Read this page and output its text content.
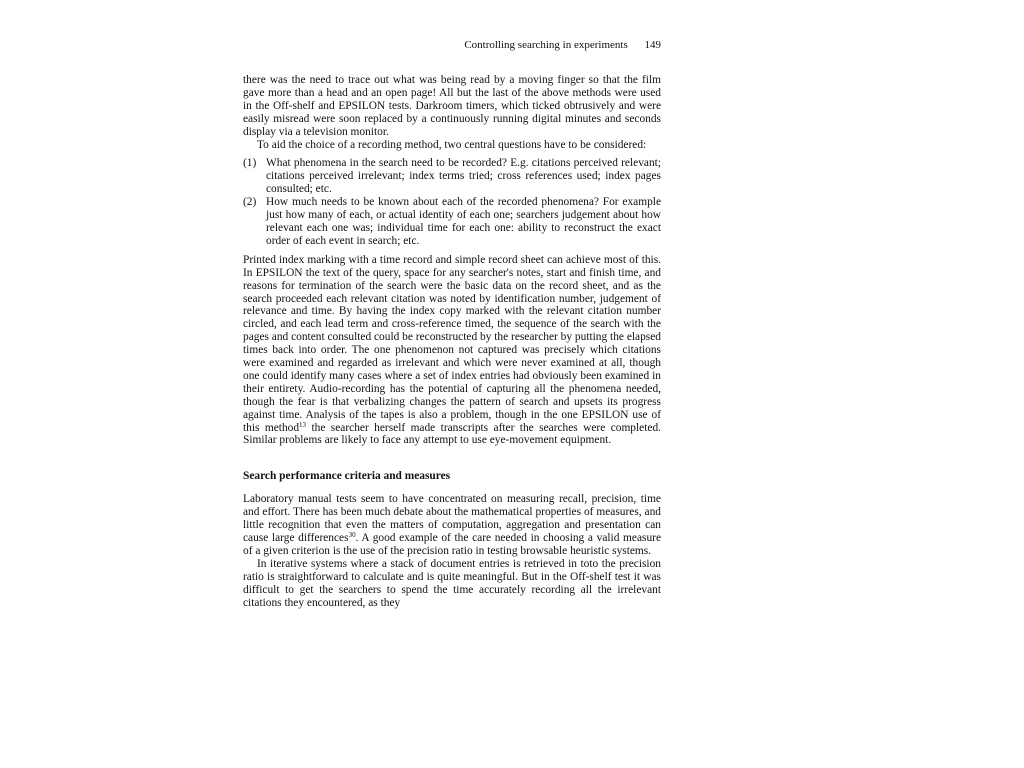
Controlling searching in experiments 149

there was the need to trace out what was being read by a moving finger so that the film gave more than a head and an open page! All but the last of the above methods were used in the Off-shelf and EPSILON tests. Darkroom timers, which ticked obtrusively and were easily misread were soon replaced by a continuously running digital minutes and seconds display via a television monitor.

To aid the choice of a recording method, two central questions have to be considered:

(1) What phenomena in the search need to be recorded? E.g. citations perceived relevant; citations perceived irrelevant; index terms tried; cross references used; index pages consulted; etc.
(2) How much needs to be known about each of the recorded phenomena? For example just how many of each, or actual identity of each one; searchers judgement about how relevant each one was; individual time for each one: ability to reconstruct the exact order of each event in search; etc.

Printed index marking with a time record and simple record sheet can achieve most of this. In EPSILON the text of the query, space for any searcher's notes, start and finish time, and reasons for termination of the search were the basic data on the record sheet, and as the search proceeded each relevant citation was noted by identification number, judgement of relevance and time. By having the index copy marked with the relevant citation number circled, and each lead term and cross-reference timed, the sequence of the search with the pages and content consulted could be reconstructed by the researcher by putting the elapsed times back into order. The one phenomenon not captured was precisely which citations were examined and regarded as irrelevant and which were never examined at all, though one could identify many cases where a set of index entries had obviously been examined in their entirety. Audio-recording has the potential of capturing all the phenomena needed, though the fear is that verbalizing changes the pattern of search and upsets its progress against time. Analysis of the tapes is also a problem, though in the one EPSILON use of this method$^{13}$ the searcher herself made transcripts after the searches were completed. Similar problems are likely to face any attempt to use eye-movement equipment.

Search performance criteria and measures

Laboratory manual tests seem to have concentrated on measuring recall, precision, time and effort. There has been much debate about the mathematical properties of measures, and little recognition that even the matters of computation, aggregation and presentation can cause large differences$^{30}$. A good example of the care needed in choosing a valid measure of a given criterion is the use of the precision ratio in testing browsable heuristic systems.

In iterative systems where a stack of document entries is retrieved in toto the precision ratio is straightforward to calculate and is quite meaningful. But in the Off-shelf test it was difficult to get the searchers to spend the time accurately recording all the irrelevant citations they encountered, as they
